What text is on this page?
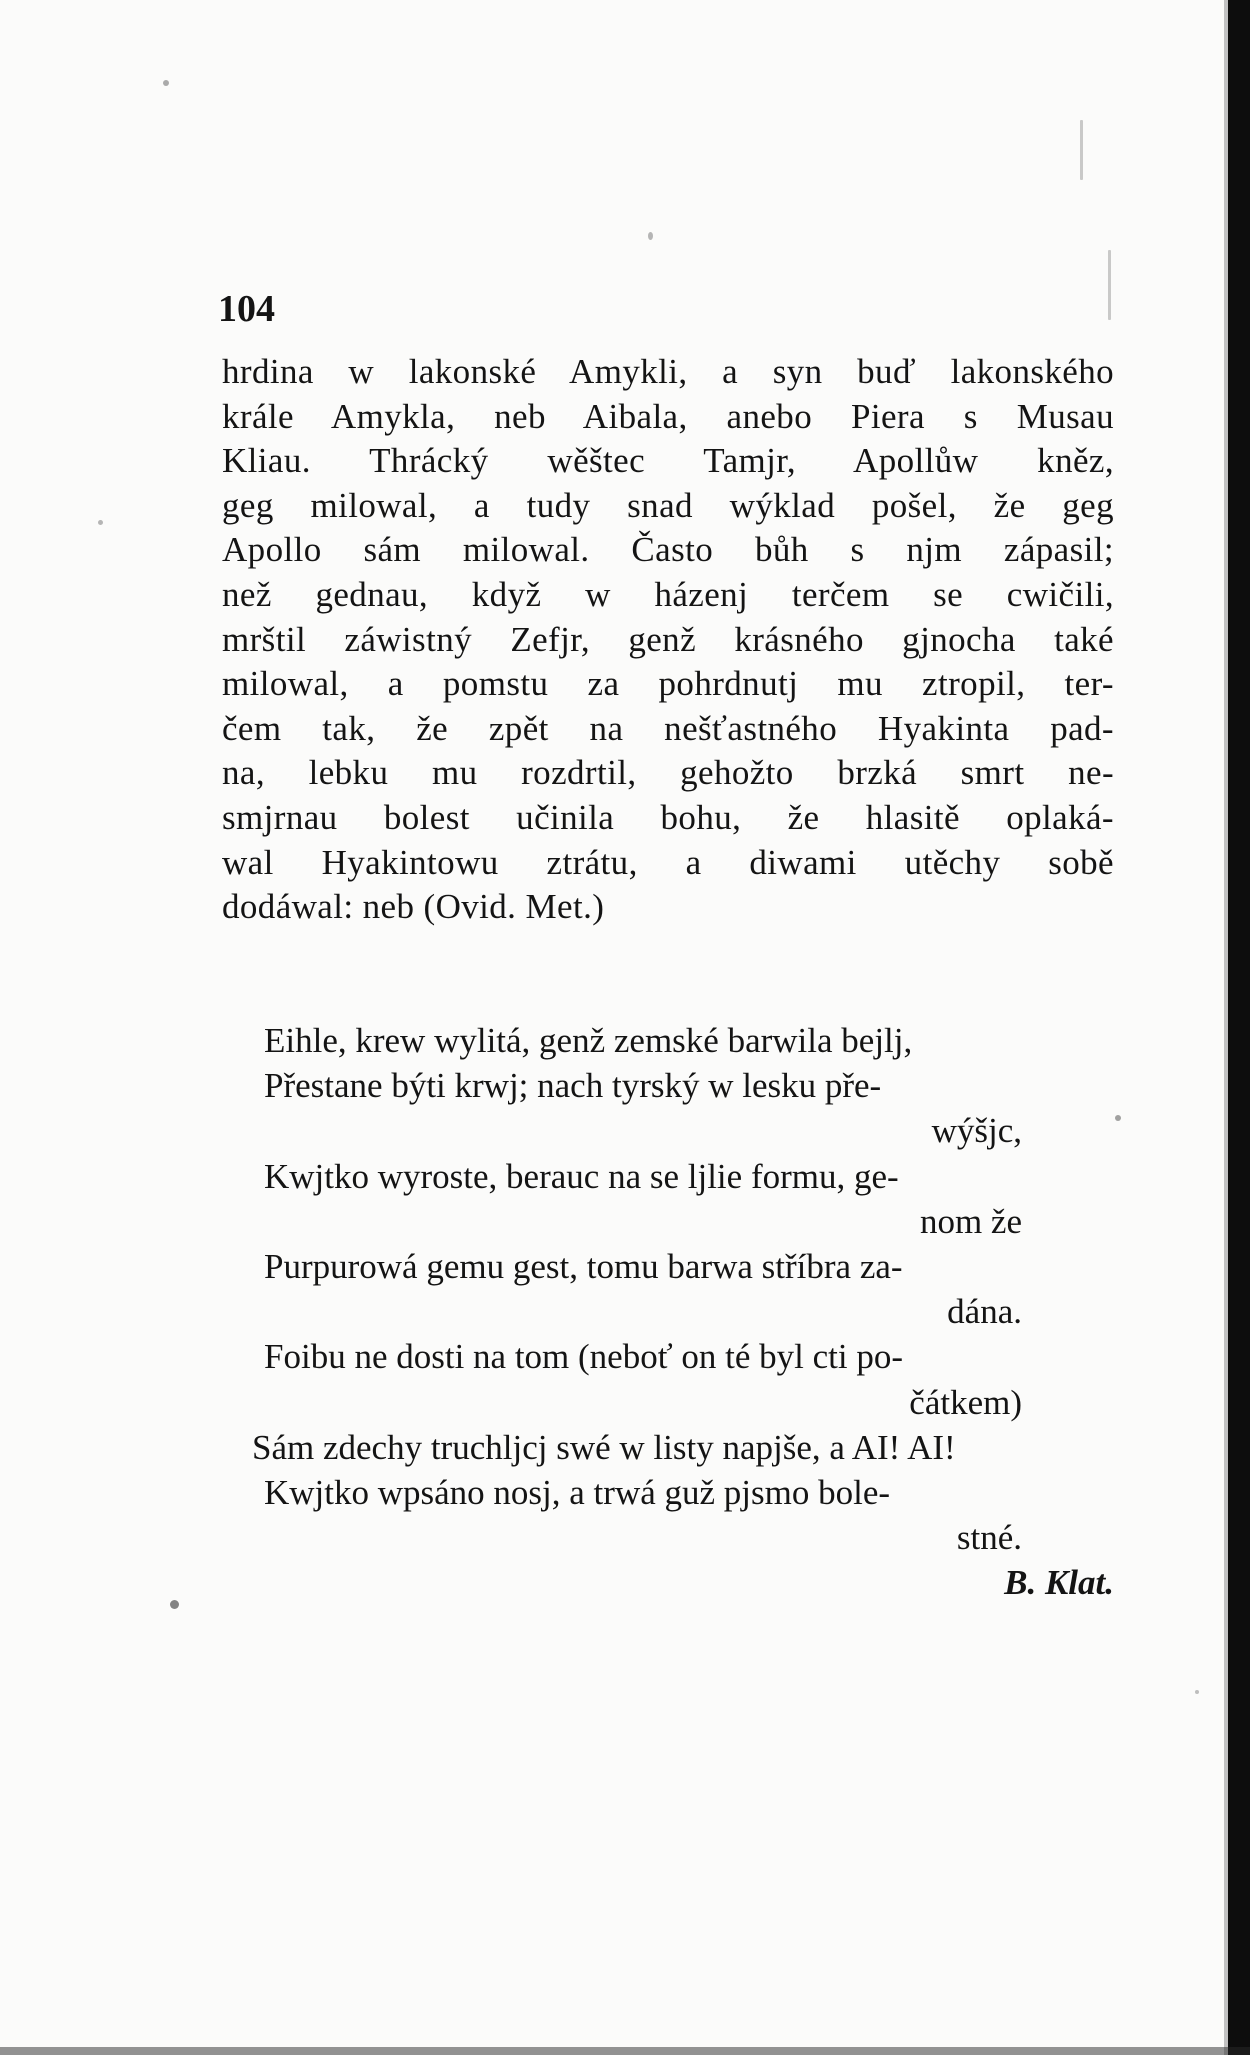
104
hrdina w lakonské Amykli, a syn buď lakonského
krále Amykla, neb Aibala, anebo Piera s Musau
Kliau. Thrácký wěštec Tamjr, Apollůw kněz,
geg milowal, a tudy snad wýklad pošel, že geg
Apollo sám milowal. Často bůh s njm zápasil;
než gednau, když w házenj terčem se cwičili,
mrštil záwistný Zefjr, genž krásného gjnocha také
milowal, a pomstu za pohrdnutj mu ztropil, ter-
čem tak, že zpět na nešťastného Hyakinta pad-
na, lebku mu rozdrtil, gehožto brzká smrt ne-
smjrnau bolest učinila bohu, že hlasitě oplaká-
wal Hyakintowu ztrátu, a diwami utěchy sobě
dodáwal: neb (Ovid. Met.)
Eihle, krew wylitá, genž zemské barwila bejlj,
Přestane býti krwj; nach tyrský w lesku pře-
wýšjc,
Kwjtko wyroste, berauc na se ljlie formu, ge-
nom že
Purpurowá gemu gest, tomu barwa stříbra za-
dána.
Foibu ne dosti na tom (neboť on té byl cti po-
čátkem)
Sám zdechy truchljcj swé w listy napjše, a AI! AI!
Kwjtko wpsáno nosj, a trwá guž pjsmo bole-
stné.
B. Klat.
